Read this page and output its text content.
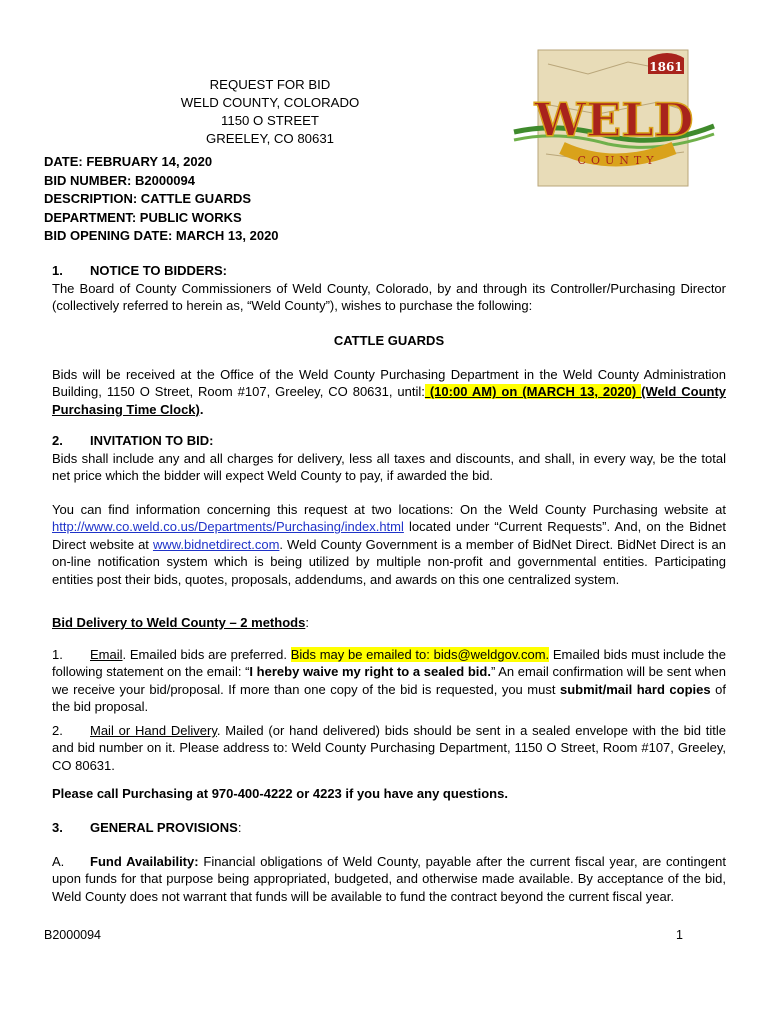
REQUEST FOR BID
WELD COUNTY, COLORADO
1150 O STREET
GREELEY, CO 80631
1861
WELD
COUNTY
DATE: FEBRUARY 14, 2020
BID NUMBER: B2000094
DESCRIPTION: CATTLE GUARDS
DEPARTMENT: PUBLIC WORKS
BID OPENING DATE: MARCH 13, 2020
1. NOTICE TO BIDDERS:
The Board of County Commissioners of Weld County, Colorado, by and through its Controller/Purchasing Director (collectively referred to herein as, “Weld County”), wishes to purchase the following:
CATTLE GUARDS
Bids will be received at the Office of the Weld County Purchasing Department in the Weld County Administration Building, 1150 O Street, Room #107, Greeley, CO 80631, until: (10:00 AM) on (MARCH 13, 2020) (Weld County Purchasing Time Clock).
2. INVITATION TO BID:
Bids shall include any and all charges for delivery, less all taxes and discounts, and shall, in every way, be the total net price which the bidder will expect Weld County to pay, if awarded the bid.
You can find information concerning this request at two locations: On the Weld County Purchasing website at http://www.co.weld.co.us/Departments/Purchasing/index.html located under “Current Requests”. And, on the Bidnet Direct website at www.bidnetdirect.com. Weld County Government is a member of BidNet Direct. BidNet Direct is an on-line notification system which is being utilized by multiple non-profit and governmental entities. Participating entities post their bids, quotes, proposals, addendums, and awards on this one centralized system.
Bid Delivery to Weld County – 2 methods:
1. Email. Emailed bids are preferred. Bids may be emailed to: bids@weldgov.com. Emailed bids must include the following statement on the email: “I hereby waive my right to a sealed bid.” An email confirmation will be sent when we receive your bid/proposal. If more than one copy of the bid is requested, you must submit/mail hard copies of the bid proposal.
2. Mail or Hand Delivery. Mailed (or hand delivered) bids should be sent in a sealed envelope with the bid title and bid number on it. Please address to: Weld County Purchasing Department, 1150 O Street, Room #107, Greeley, CO 80631.
Please call Purchasing at 970-400-4222 or 4223 if you have any questions.
3. GENERAL PROVISIONS:
A. Fund Availability: Financial obligations of Weld County, payable after the current fiscal year, are contingent upon funds for that purpose being appropriated, budgeted, and otherwise made available. By acceptance of the bid, Weld County does not warrant that funds will be available to fund the contract beyond the current fiscal year.
B2000094	1
